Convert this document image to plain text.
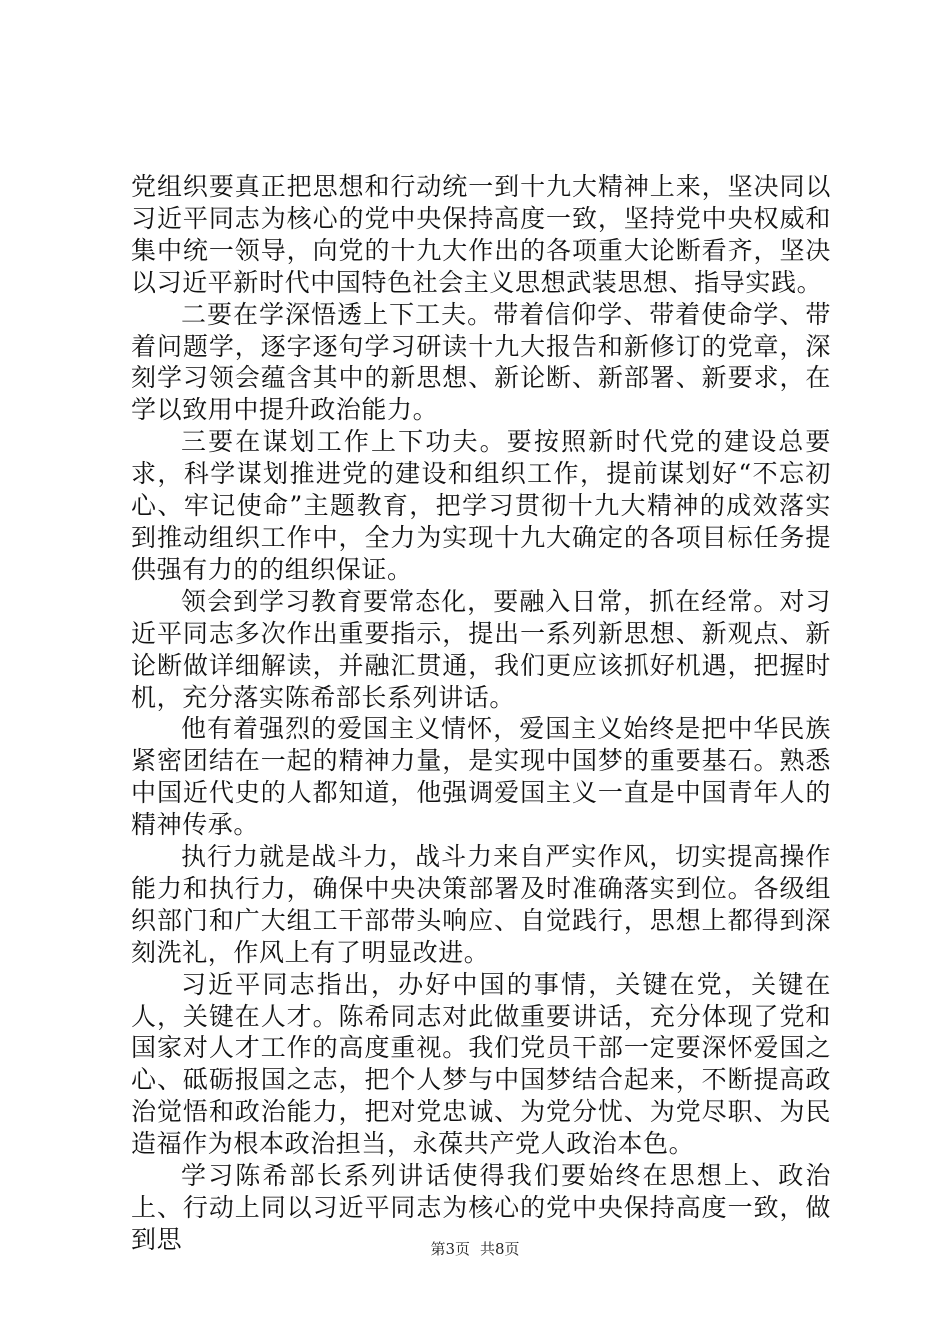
党组织要真正把思想和行动统一到十九大精神上来，坚决同以习近平同志为核心的党中央保持高度一致，坚持党中央权威和集中统一领导，向党的十九大作出的各项重大论断看齐，坚决以习近平新时代中国特色社会主义思想武装思想、指导实践。

二要在学深悟透上下工夫。带着信仰学、带着使命学、带着问题学，逐字逐句学习研读十九大报告和新修订的党章，深刻学习领会蕴含其中的新思想、新论断、新部署、新要求，在学以致用中提升政治能力。

三要在谋划工作上下功夫。要按照新时代党的建设总要求，科学谋划推进党的建设和组织工作，提前谋划好“不忘初心、牢记使命”主题教育，把学习贯彻十九大精神的成效落实到推动组织工作中，全力为实现十九大确定的各项目标任务提供强有力的的组织保证。

领会到学习教育要常态化，要融入日常，抓在经常。对习近平同志多次作出重要指示，提出一系列新思想、新观点、新论断做详细解读，并融汇贯通，我们更应该抓好机遇，把握时机，充分落实陈希部长系列讲话。

他有着强烈的爱国主义情怀，爱国主义始终是把中华民族紧密团结在一起的精神力量，是实现中国梦的重要基石。熟悉中国近代史的人都知道，他强调爱国主义一直是中国青年人的精神传承。

执行力就是战斗力，战斗力来自严实作风，切实提高操作能力和执行力，确保中央决策部署及时准确落实到位。各级组织部门和广大组工干部带头响应、自觉践行，思想上都得到深刻洗礼，作风上有了明显改进。

习近平同志指出，办好中国的事情，关键在党，关键在人，关键在人才。陈希同志对此做重要讲话，充分体现了党和国家对人才工作的高度重视。我们党员干部一定要深怀爱国之心、砥砺报国之志，把个人梦与中国梦结合起来，不断提高政治觉悟和政治能力，把对党忠诚、为党分忧、为党尽职、为民造福作为根本政治担当，永葆共产党人政治本色。

学习陈希部长系列讲话使得我们要始终在思想上、政治上、行动上同以习近平同志为核心的党中央保持高度一致，做到思	第3页 共8页
